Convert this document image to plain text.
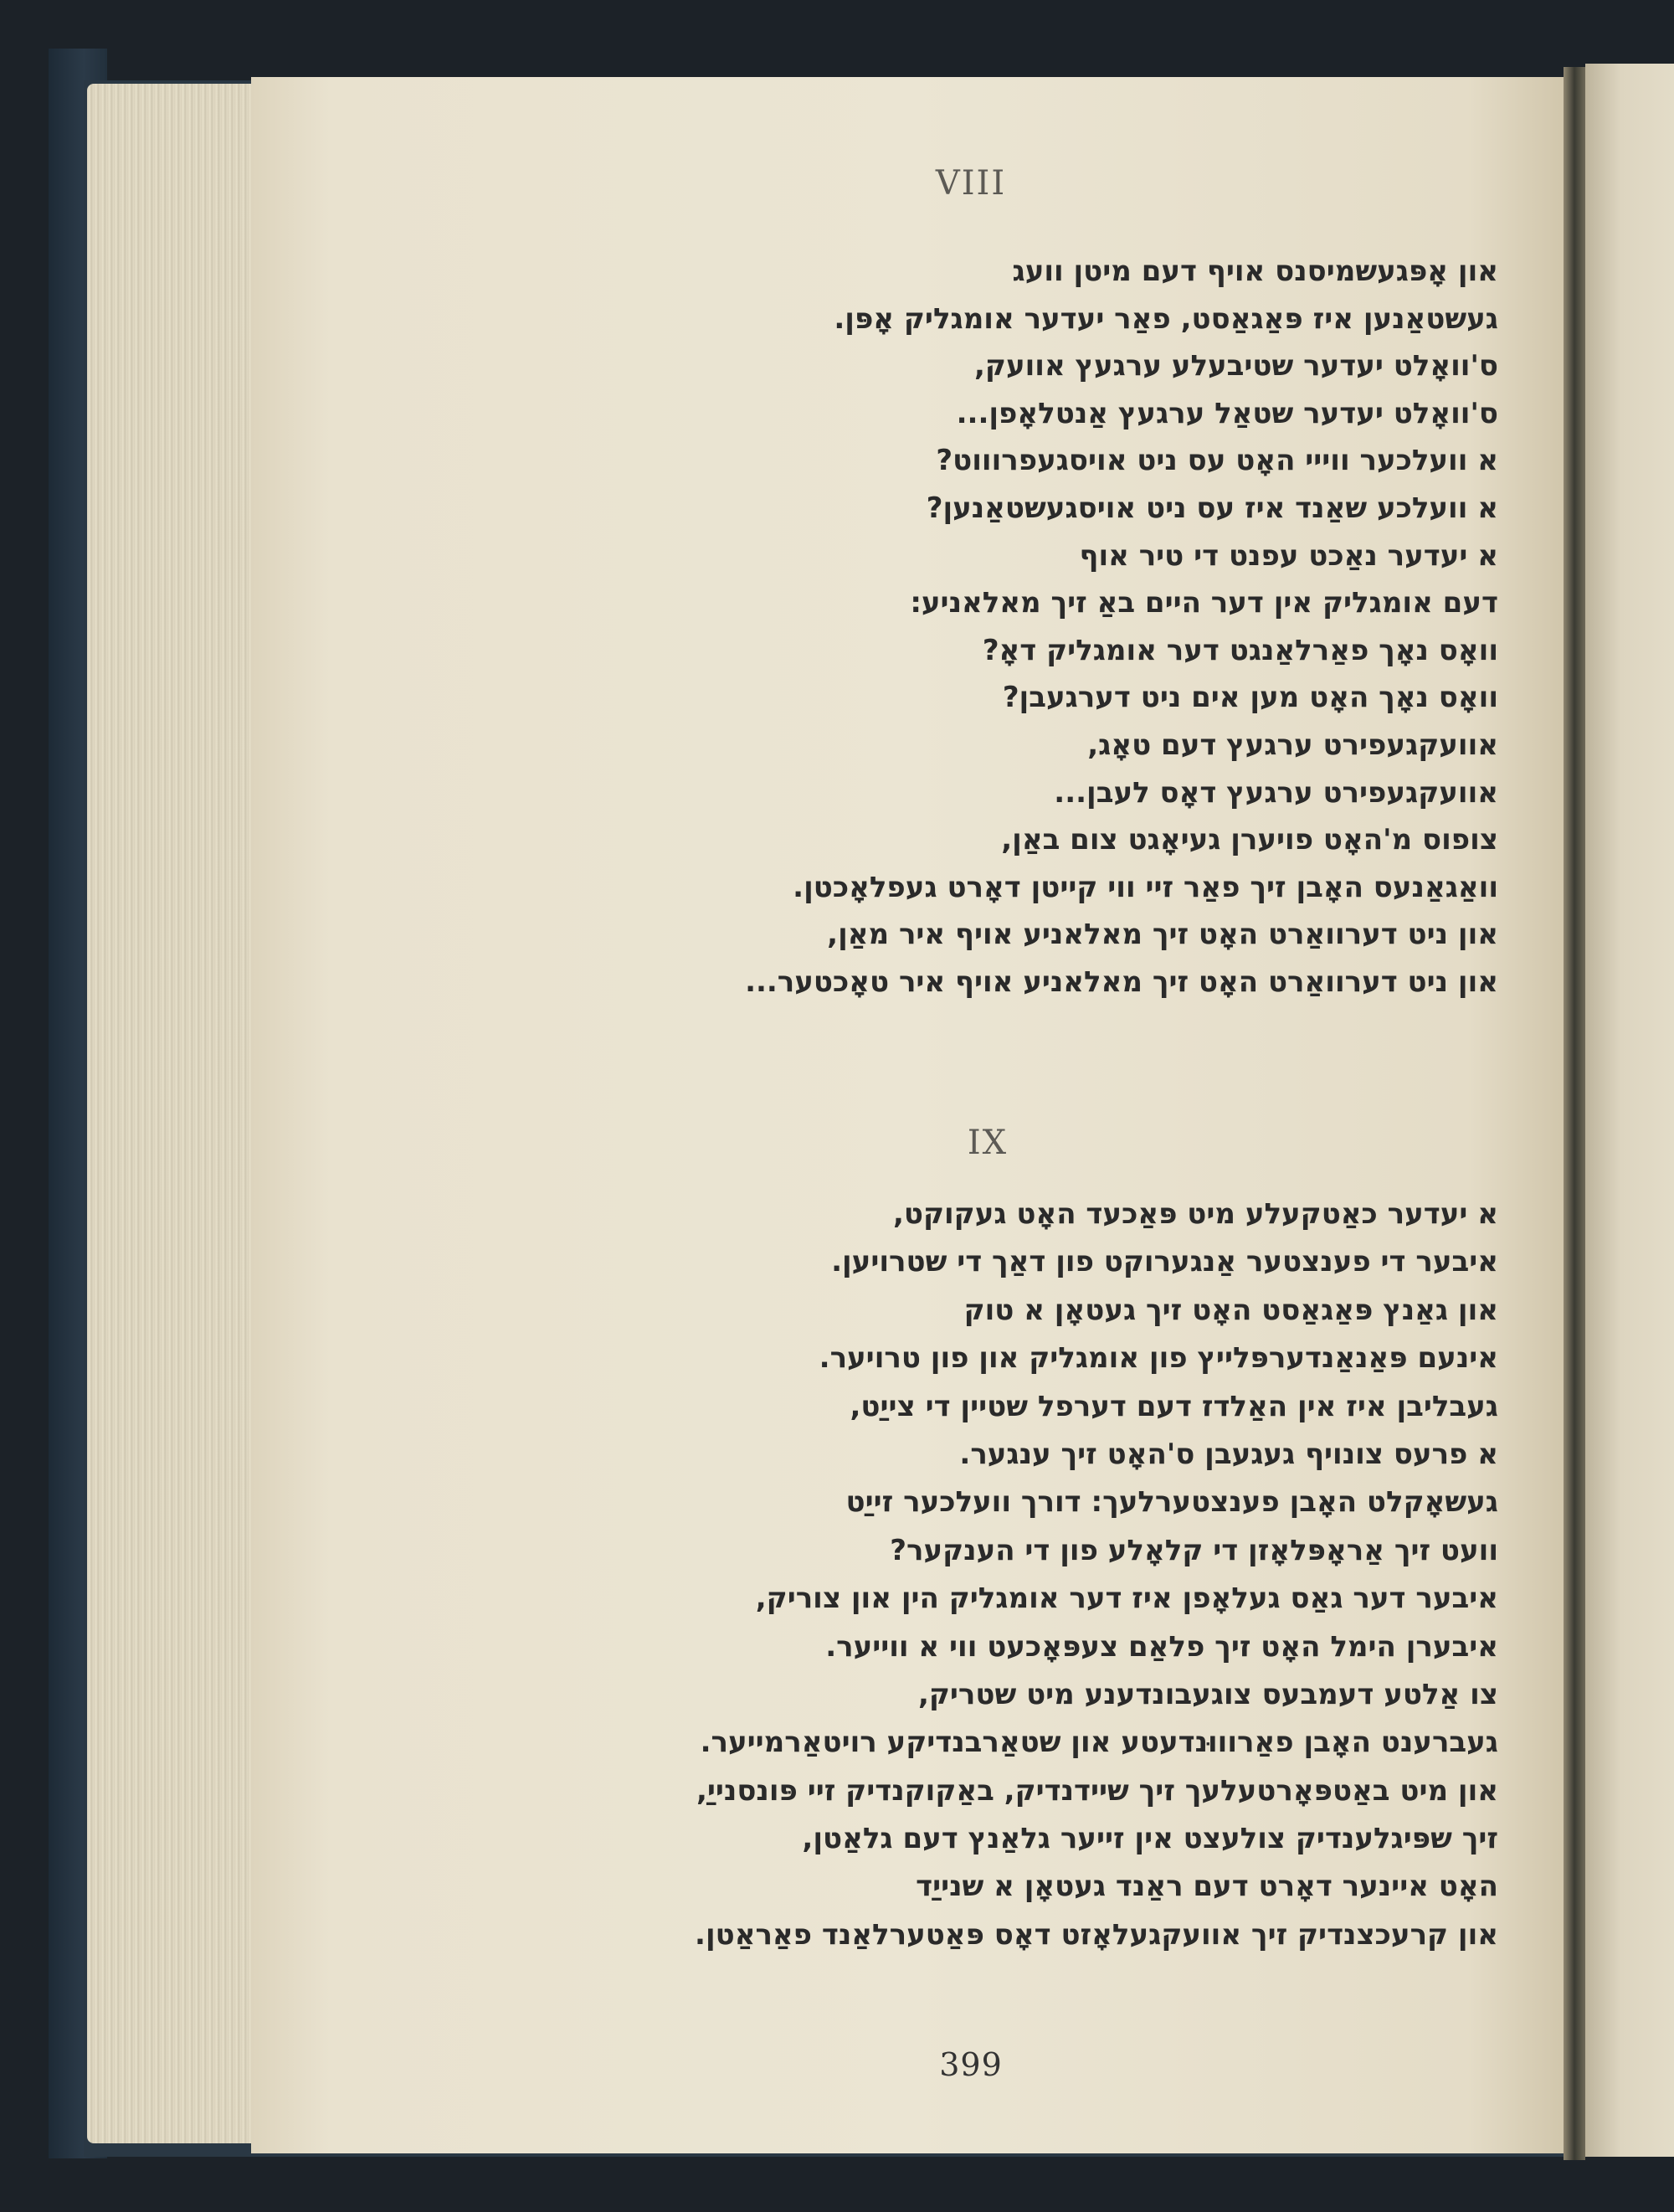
VIII
און אָפּגעשמיסנס אויף דעם מיטן וועג
געשטאַנען איז פּאַגאַסט, פאַר יעדער אומגליק אָפּן.
ס'וואָלט יעדער שטיבעלע ערגעץ אוועק,
ס'וואָלט יעדער שטאַל ערגעץ אַנטלאָפן...
א וועלכער ווייי האָט עס ניט אויסגעפרוווט?
א וועלכע שאַנד איז עס ניט אויסגעשטאַנען?
א יעדער נאַכט עפנט די טיר אוף
דעם אומגליק אין דער היים באַ זיך מאלאניע:
וואָס נאָך פאַרלאַנגט דער אומגליק דאָ?
וואָס נאָך האָט מען אים ניט דערגעבן?
אוועקגעפירט ערגעץ דעם טאָג,
אוועקגעפירט ערגעץ דאָס לעבן...
צופוס מ'האָט פויערן געיאָגט צום באַן,
וואַגאַנעס האָבן זיך פאַר זיי ווי קייטן דאָרט געפלאָכטן.
און ניט דערוואַרט האָט זיך מאלאניע אויף איר מאַן,
און ניט דערוואַרט האָט זיך מאלאניע אויף איר טאָכטער...
IX
א יעדער כאַטקעלע מיט פּאַכעד האָט געקוקט,
איבער די פענצטער אַנגערוקט פון דאַך די שטרויען.
און גאַנץ פּאַגאַסט האָט זיך געטאָן א טוק
אינעם פּאַנאַנדערפּלייץ פון אומגליק און פון טרויער.
געבליבן איז אין האַלדז דעם דערפל שטיין די צייַט,
א פרעס צונויף געגעבן ס'האָט זיך ענגער.
געשאָקלט האָבן פענצטערלעך: דורך וועלכער זייַט
וועט זיך אַראָפּלאָזן די קלאָלע פון די הענקער?
איבער דער גאַס געלאָפן איז דער אומגליק הין און צוריק,
איבערן הימל האָט זיך פלאַם צעפּאָכעט ווי א ווייער.
צו אַלטע דעמבעס צוגעבונדענע מיט שטריק,
געברענט האָבן פאַרוווּנדעטע און שטאַרבנדיקע רויטאַרמייער.
און מיט באַטפּאָרטעלעך זיך שיידנדיק, באַקוקנדיק זיי פּונסנייַ,
זיך שפּיגלענדיק צולעצט אין זייער גלאַנץ דעם גלאַטן,
האָט איינער דאָרט דעם ראַנד געטאָן א שנייַד
און קרעכצנדיק זיך אוועקגעלאָזט דאָס פּאַטערלאַנד פאַראַטן.
399
